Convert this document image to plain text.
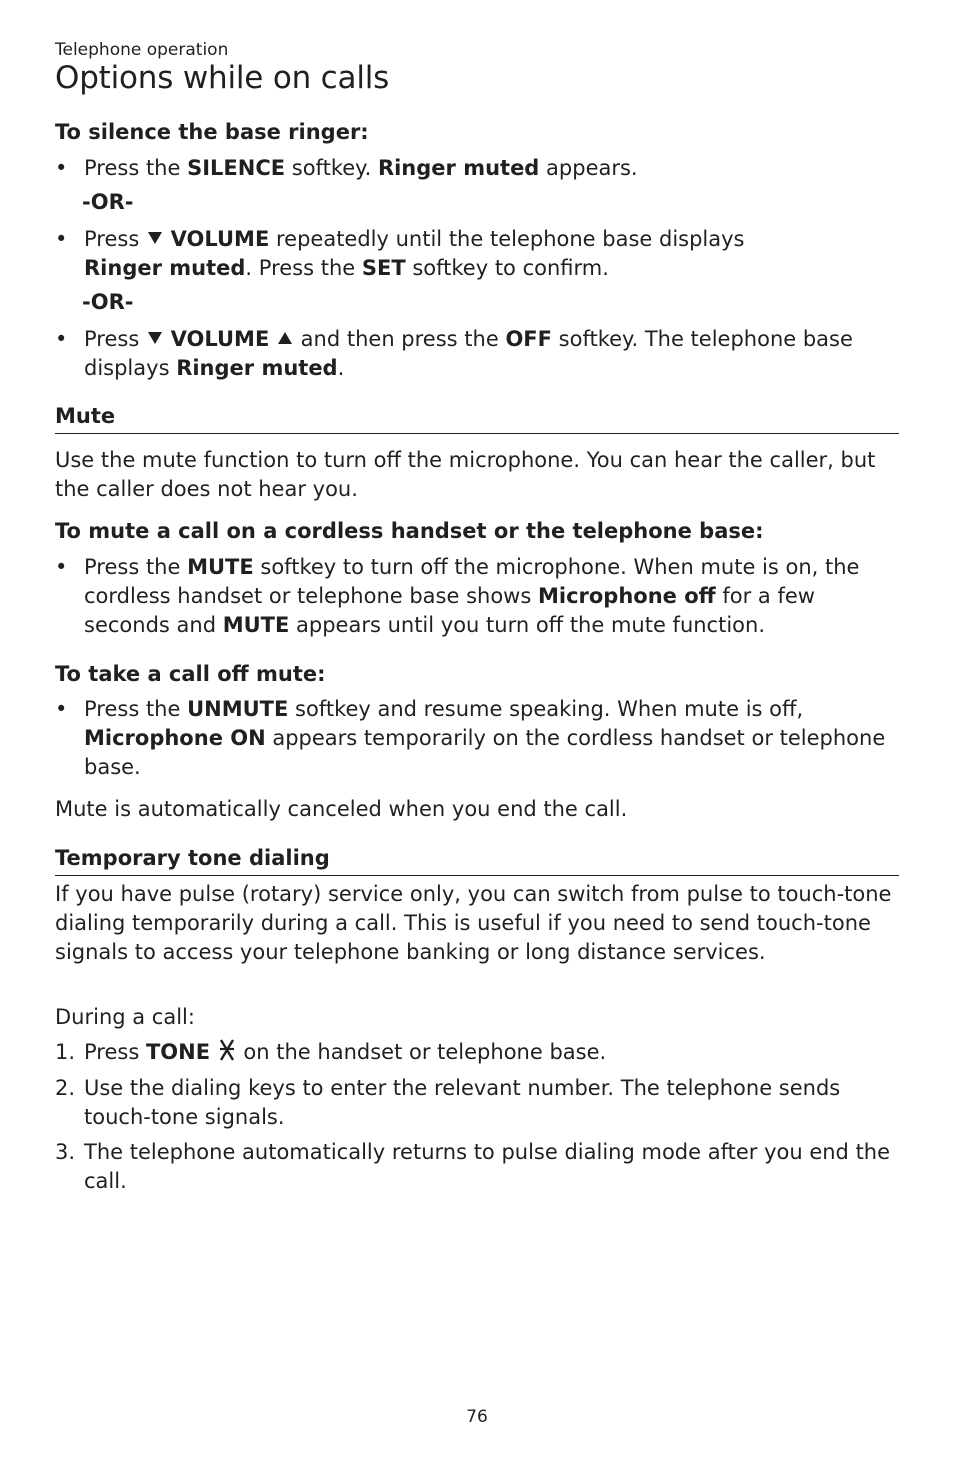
Telephone operation
Options while on calls
To silence the base ringer:
• Press the SILENCE softkey. Ringer muted appears.
-OR-
• Press  VOLUME repeatedly until the telephone base displays
Ringer muted. Press the SET softkey to confirm.
-OR-
• Press  VOLUME  and then press the OFF softkey. The telephone base displays Ringer muted.
Mute
Use the mute function to turn off the microphone. You can hear the caller, but the caller does not hear you.
To mute a call on a cordless handset or the telephone base:
• Press the MUTE softkey to turn off the microphone. When mute is on, the cordless handset or telephone base shows Microphone off for a few seconds and MUTE appears until you turn off the mute function.
To take a call off mute:
• Press the UNMUTE softkey and resume speaking. When mute is off, Microphone ON appears temporarily on the cordless handset or telephone base.
Mute is automatically canceled when you end the call.
Temporary tone dialing
If you have pulse (rotary) service only, you can switch from pulse to touch-tone dialing temporarily during a call. This is useful if you need to send touch-tone signals to access your telephone banking or long distance services.
During a call:
1. Press TONE  on the handset or telephone base.
2. Use the dialing keys to enter the relevant number. The telephone sends touch-tone signals.
3. The telephone automatically returns to pulse dialing mode after you end the call.
76
